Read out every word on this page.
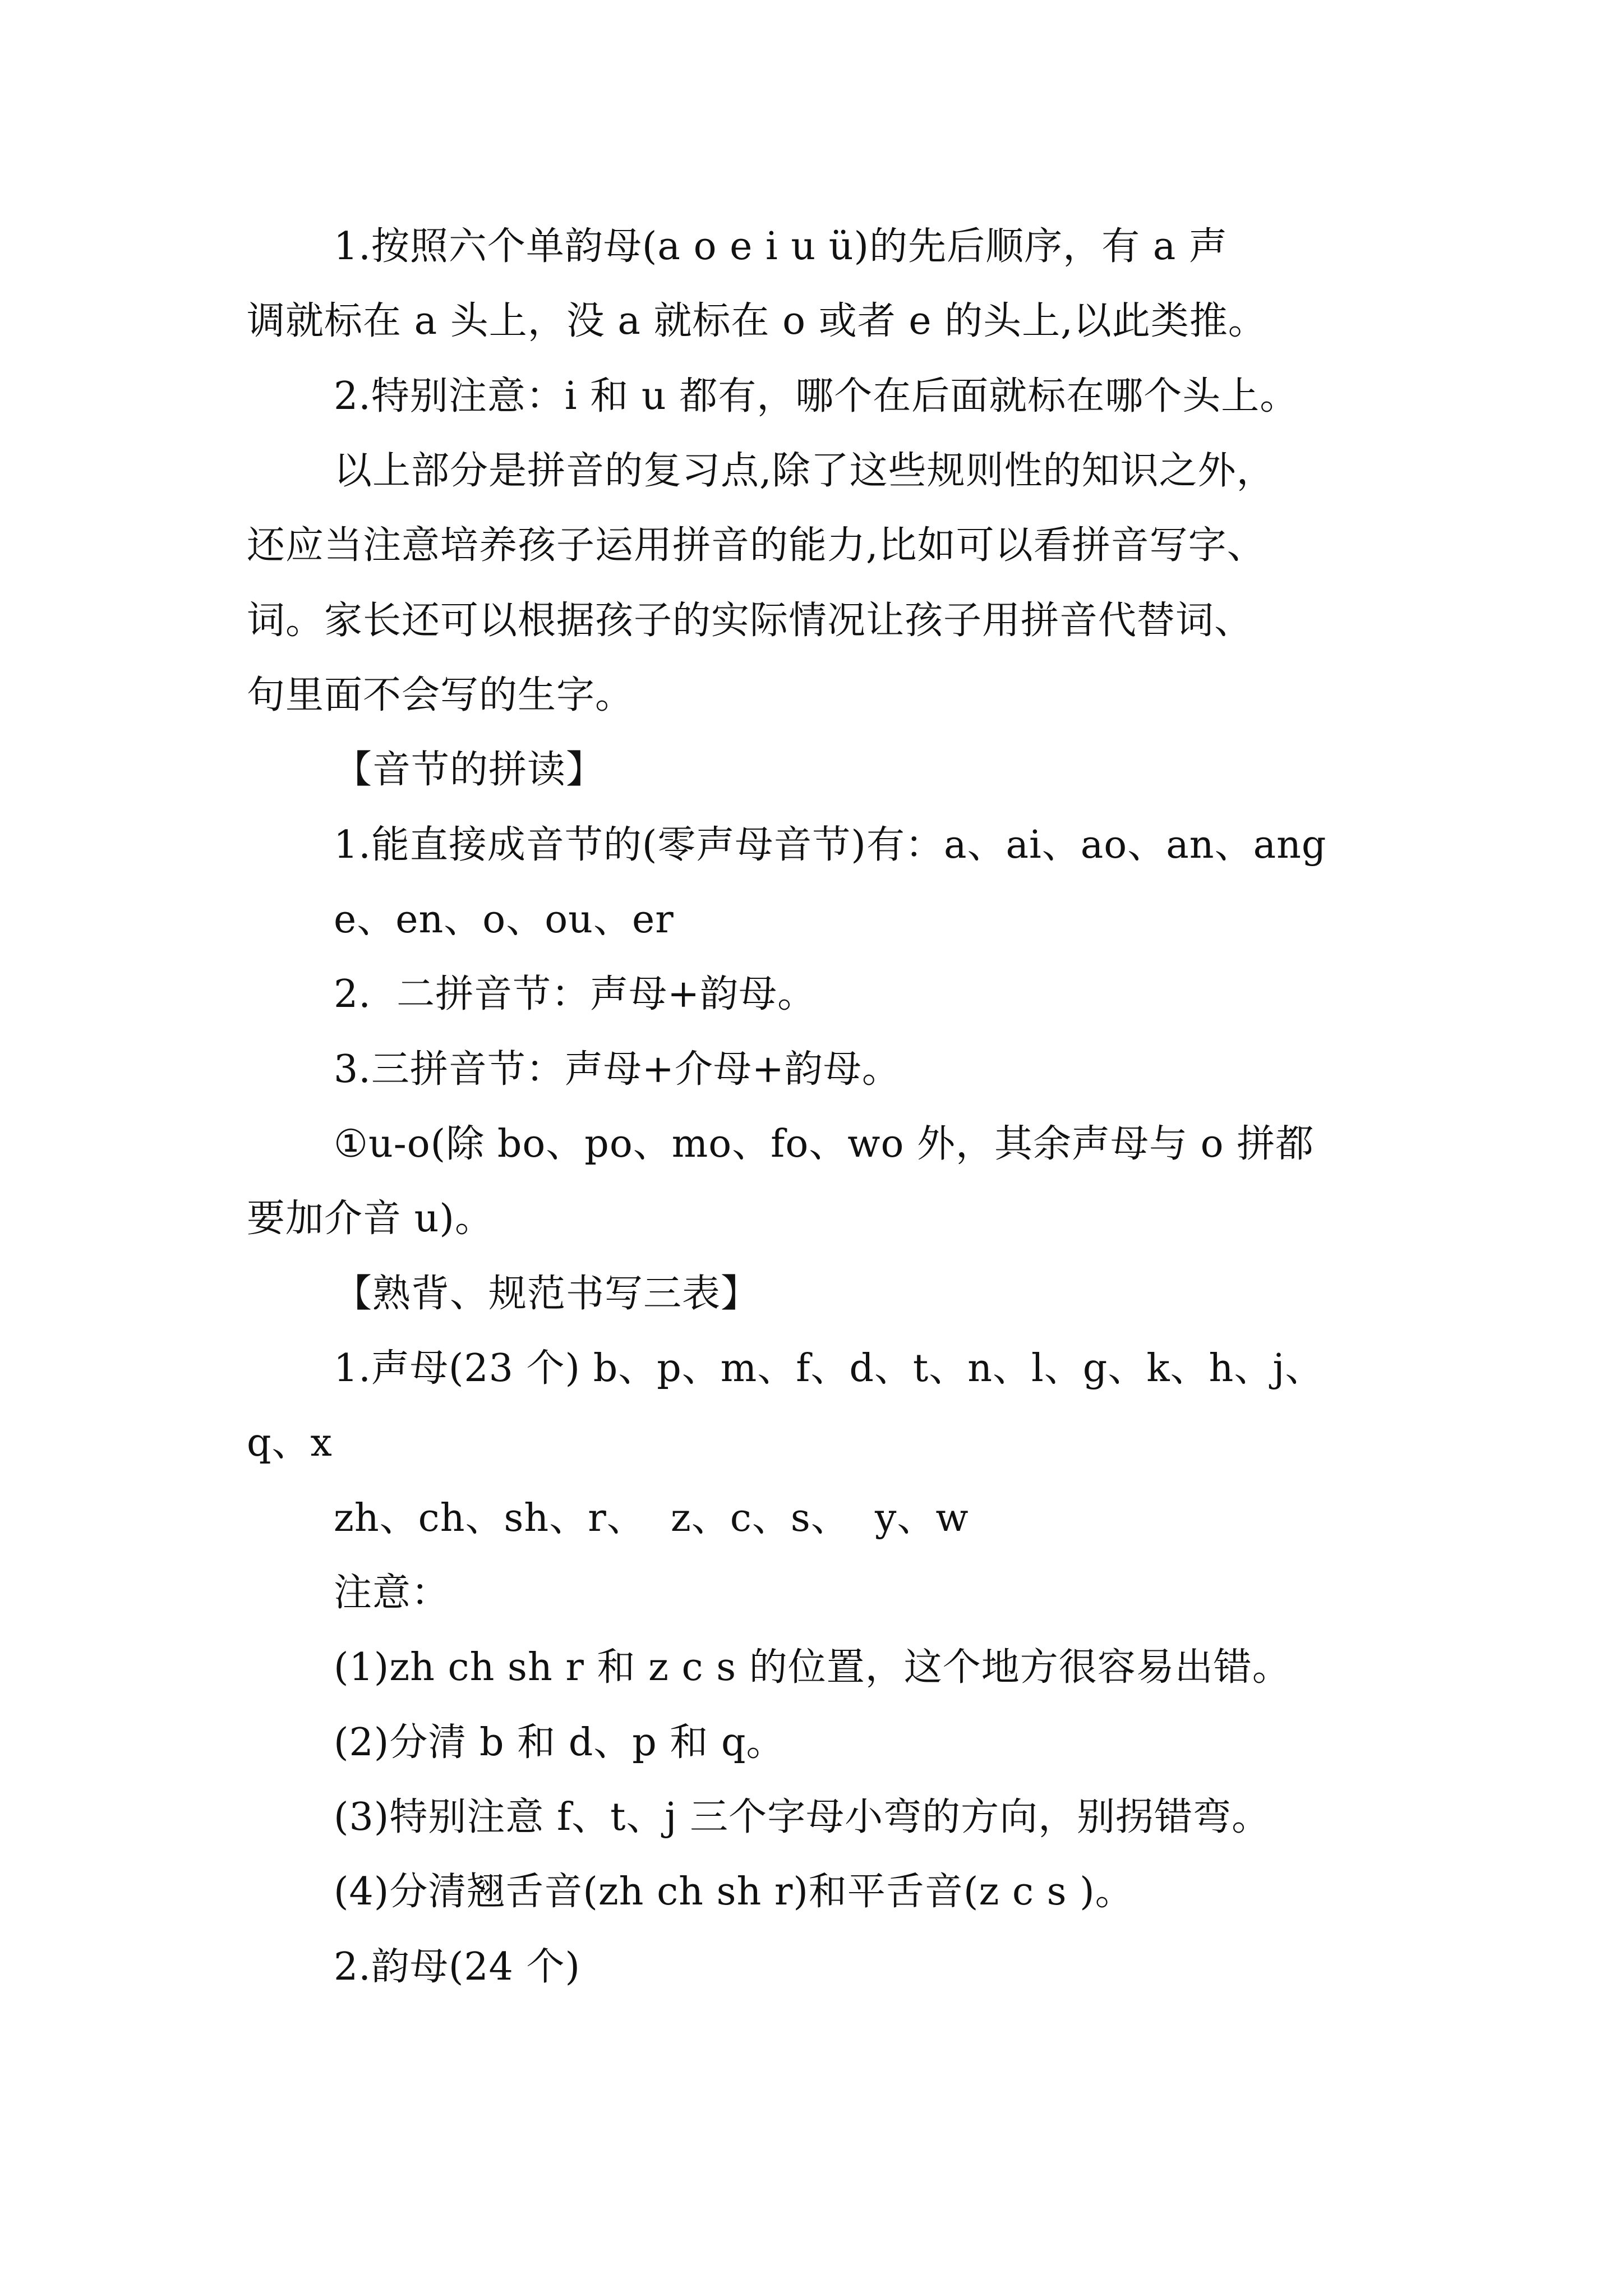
1.按照六个单韵母(a o e i u ü)的先后顺序，有 a 声
调就标在 a 头上，没 a 就标在 o 或者 e 的头上,以此类推。
2.特别注意：i 和 u 都有，哪个在后面就标在哪个头上。
以上部分是拼音的复习点,除了这些规则性的知识之外，
还应当注意培养孩子运用拼音的能力,比如可以看拼音写字、
词。家长还可以根据孩子的实际情况让孩子用拼音代替词、
句里面不会写的生字。
【音节的拼读】
1.能直接成音节的(零声母音节)有：a、ai、ao、an、ang
e、en、o、ou、er
2.  二拼音节：声母+韵母。
3.三拼音节：声母+介母+韵母。
①u-o(除 bo、po、mo、fo、wo 外，其余声母与 o 拼都
要加介音 u)。
【熟背、规范书写三表】
1.声母(23 个) b、p、m、f、d、t、n、l、g、k、h、j、
q、x
zh、ch、sh、r、  z、c、s、  y、w
注意：
(1)zh ch sh r 和 z c s 的位置，这个地方很容易出错。
(2)分清 b 和 d、p 和 q。
(3)特别注意 f、t、j 三个字母小弯的方向，别拐错弯。
(4)分清翘舌音(zh ch sh r)和平舌音(z c s )。
2.韵母(24 个)
